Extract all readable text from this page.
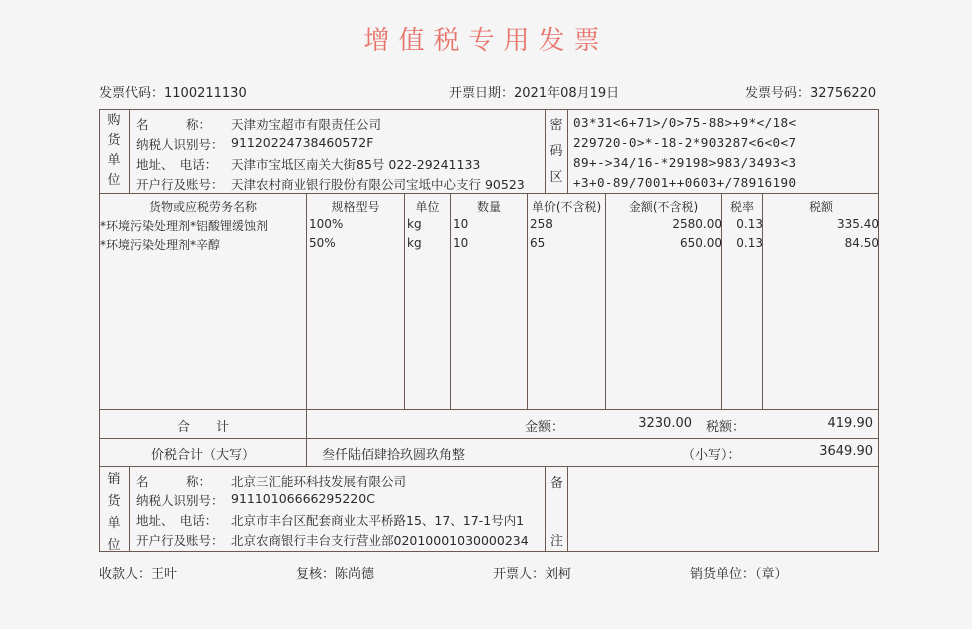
增值税专用发票
发票代码：1100211130	开票日期：2021年08月19日	发票号码：32756220
购
货
单
位
名　　　称： 天津劝宝超市有限责任公司
纳税人识别号： 91120224738460572F
地址、　电话： 天津市宝坻区南关大街85号 022-29241133
开户行及账号： 天津农村商业银行股份有限公司宝坻中心支行 90523
密
码
区
03*31<6+71>/0>75-88>+9*</18<
229720-0>*-18-2*903287<6<0<7
89+->34/16-*29198>983/3493<3
+3+0-89/7001++0603+/78916190
货物或应税劳务名称	规格型号	单位	数量	单价(不含税)	金额(不含税)	税率	税额
*环境污染处理剂*铝酸锂缓蚀剂	100%	kg	10	258	2580.00	0.13	335.40
*环境污染处理剂*辛醇	50%	kg	10	65	650.00	0.13	84.50
合　　计	金额：	3230.00 税额：	419.90
价税合计（大写）	叁仟陆佰肆拾玖圆玖角整	（小写）：	3649.90
销
货
单
位
名　　　称： 北京三汇能环科技发展有限公司
纳税人识别号： 91110106666295220C
地址、　电话： 北京市丰台区配套商业太平桥路15、17、17-1号内1
开户行及账号： 北京农商银行丰台支行营业部02010001030000234
备
注
收款人：王叶	复核：陈尚德	开票人：刘柯	销货单位：（章）
